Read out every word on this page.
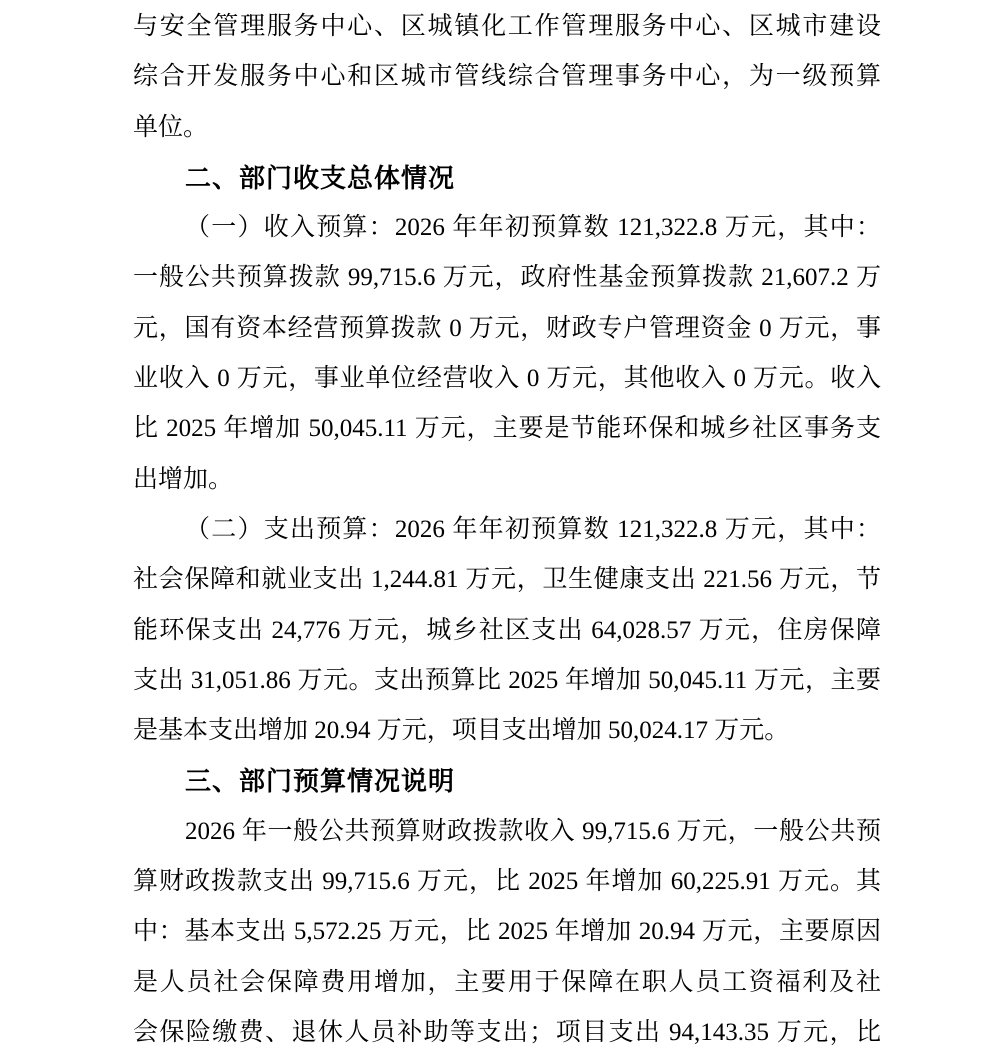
与安全管理服务中心、区城镇化工作管理服务中心、区城市建设
综合开发服务中心和区城市管线综合管理事务中心，为一级预算
单位。
二、部门收支总体情况
（一）收入预算：2026 年年初预算数 121,322.8 万元，其中：
一般公共预算拨款 99,715.6 万元，政府性基金预算拨款 21,607.2 万
元，国有资本经营预算拨款 0 万元，财政专户管理资金 0 万元，事
业收入 0 万元，事业单位经营收入 0 万元，其他收入 0 万元。收入
比 2025 年增加 50,045.11 万元，主要是节能环保和城乡社区事务支
出增加。
（二）支出预算：2026 年年初预算数 121,322.8 万元，其中：
社会保障和就业支出 1,244.81 万元，卫生健康支出 221.56 万元，节
能环保支出 24,776 万元，城乡社区支出 64,028.57 万元，住房保障
支出 31,051.86 万元。支出预算比 2025 年增加 50,045.11 万元，主要
是基本支出增加 20.94 万元，项目支出增加 50,024.17 万元。
三、部门预算情况说明
2026 年一般公共预算财政拨款收入 99,715.6 万元，一般公共预
算财政拨款支出 99,715.6 万元，比 2025 年增加 60,225.91 万元。其
中：基本支出 5,572.25 万元，比 2025 年增加 20.94 万元，主要原因
是人员社会保障费用增加，主要用于保障在职人员工资福利及社
会保险缴费、退休人员补助等支出；项目支出 94,143.35 万元，比
